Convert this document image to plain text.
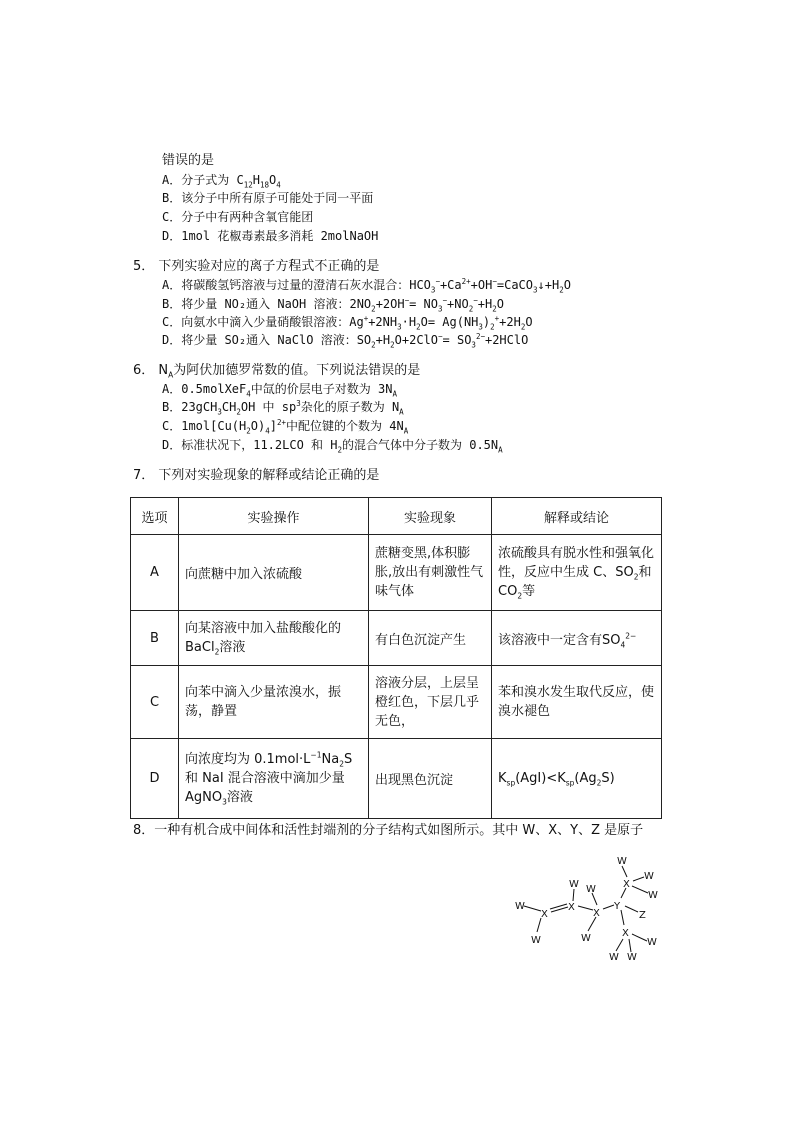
错误的是
A．分子式为 $C_{12}H_{18}O_4$
B．该分子中所有原子可能处于同一平面
C．分子中有两种含氧官能团
D．1mol 花椒毒素最多消耗 2molNaOH
5． 下列实验对应的离子方程式不正确的是
A．将碳酸氢钙溶液与过量的澄清石灰水混合：$HCO_3^-+Ca^{2+}+OH^-=CaCO_3↓+H_2O$
B．将少量 NO₂通入 NaOH 溶液：$2NO_2+2OH^-= NO_3^-+NO_2^-+H_2O$
C．向氨水中滴入少量硝酸银溶液：$Ag^++2NH_3\cdot H_2O= Ag(NH_3)_2^++2H_2O$
D．将少量 SO₂通入 NaClO 溶液：$SO_2+H_2O+2ClO^-=$ $SO_3^{2-}+2HClO$
6． $N_A$为阿伏加德罗常数的值。下列说法错误的是
A．0.5molXeF$_4$中氙的价层电子对数为 $3N_A$
B．$23gCH_3CH_2OH$ 中 $sp^3$杂化的原子数为 $N_A$
C．$1mol[Cu(H_2O)_4]^{2+}$中配位键的个数为 $4N_A$
D．标准状况下，11.2LCO 和 $H_2$的混合气体中分子数为 $0.5N_A$
7． 下列对实验现象的解释或结论正确的是
选项	实验操作	实验现象	解释或结论
A	向蔗糖中加入浓硫酸	蔗糖变黑,体积膨胀,放出有刺激性气味气体	浓硫酸具有脱水性和强氧化性，反应中生成 C、$SO_2$和 $CO_2$等

B	向某溶液中加入盐酸酸化的 BaCl$_2$溶液	有白色沉淀产生	该溶液中一定含有$SO_4^{2-}$
C	向苯中滴入少量浓溴水，振荡，静置	溶液分层，上层呈橙红色，下层几乎无色，	苯和溴水发生取代反应，使溴水褪色

D	向浓度均为 $0.1mol\cdot L^{-1}Na_2S$ 和 NaI 混合溶液中滴加少量 AgNO$_3$溶液	出现黑色沉淀	$K_{sp}(AgI)<K_{sp}(Ag_2S)$
8．一种有机合成中间体和活性封端剂的分子结构式如图所示。其中 W、X、Y、Z 是原子
W
W
X
X
W W
X
W
Y
Z
X
W
W
W
X
W
W W
